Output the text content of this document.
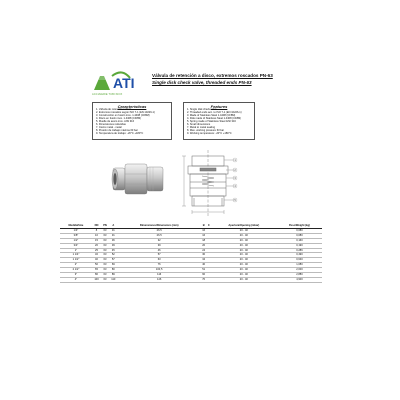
ATI
ACCIAIERIE TUBI INOX
Válvula de retención a disco, extremos roscados PN-63
Single disk check valve, threaded ends PN-63
Características
1. Válvula de retención a disco
2. Extremos roscados según ISO 7-1 (EN 10226-1)
3. Construcción en fusión inox. 1.4408 (CF8M)
4. Disco en fusión inox. 1.4408 (CF8M)
5. Muelle de acero inox. AISI 316
6. Dimensiones reducidas
7. Cierre metal - metal
8. Presión de trabajo máxima 63 bar
9. Temperatura de trabajo: -20°C +180°C
Features
1. Single disk check valve
2. Threaded ends acc. to ISO 7-1 (EN 10226-1)
3. Made of Stainless Steel 1.4408 (CF8M)
4. Disk made of Stainless Steel 1.4408 (CF8M)
5. Spring made of Stainless Steel AISI 316
6. Small dimensions
7. Metal to metal sealing
8. Max. working pressure 63 bar
9. Working temperature: -20°C +180°C
1
2
3
4
5
Medida/Size	DN	PN	A	Dimensiones/Dimensions (mm)	B	C	Apertura/Opening (mbar)	Peso/Weight (kg)
1/4"	8	63	31	26.5	16		20 - 40	0,080
3/8"	10	63	31	26.5	16		20 - 40	0,080
1/2"	15	63	36	32	18		20 - 40	0,160
3/4"	20	63	39	39	20		20 - 40	0,190
1"	25	63	45	46	24		20 - 40	0,286
1 1/4"	32	63	52	57	30		20 - 40	0,490
1 1/2"	40	63	57	63	34		20 - 40	0,640
2"	50	63	69	76	40		20 - 40	1,080
2 1/2"	65	63	80	100,5	51		20 - 40	2,000
3"	80	63	89	116	60		20 - 40	2,880
4"	100	63	110	146	70		20 - 40	4,900
